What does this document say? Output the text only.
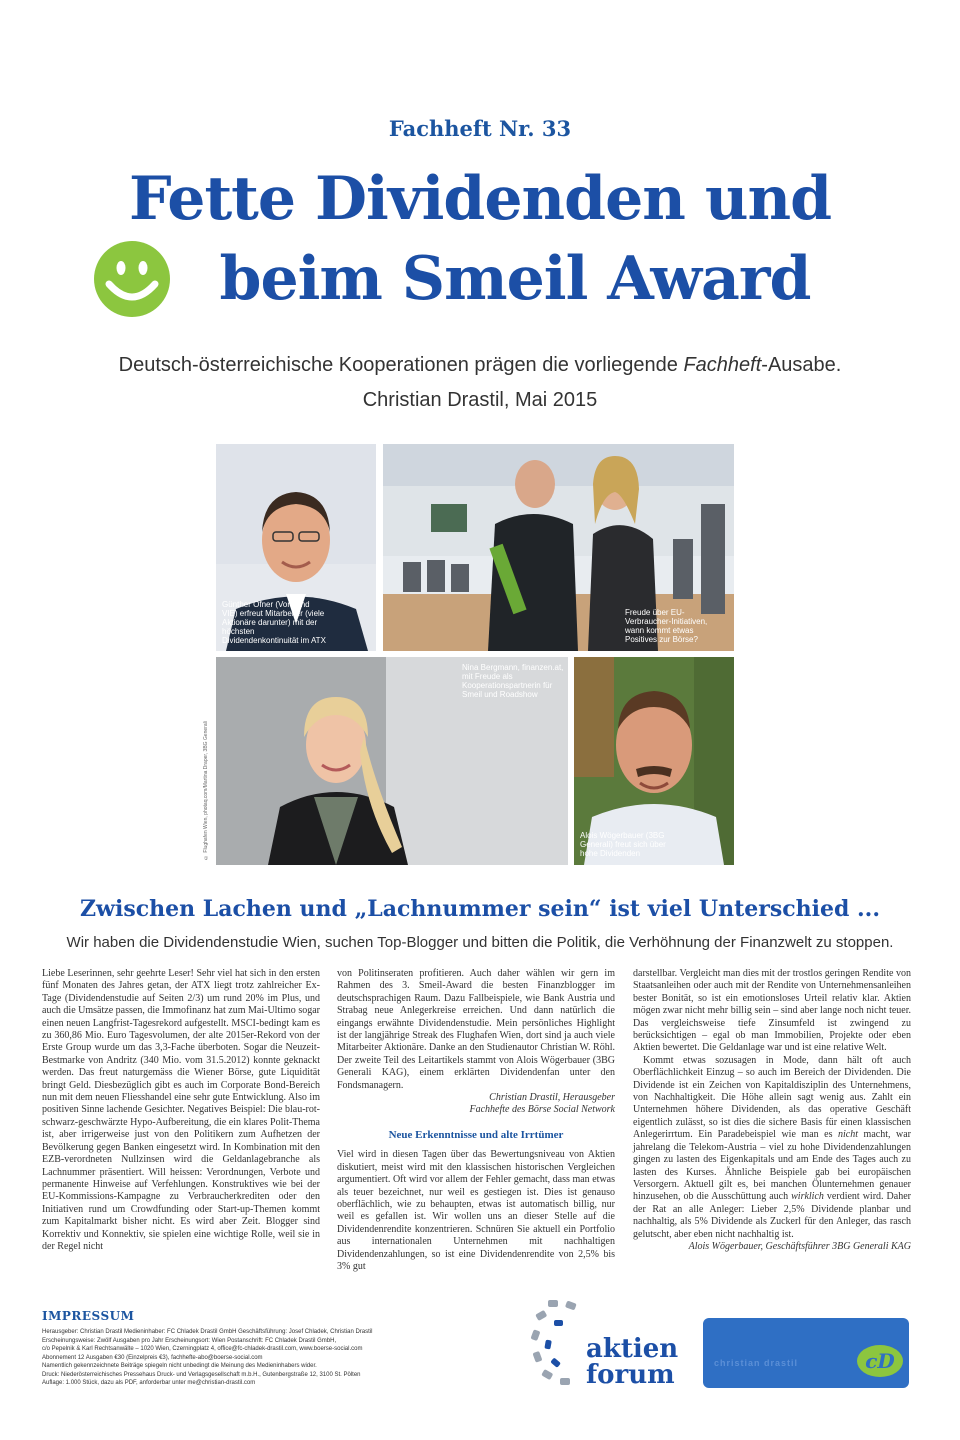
Fachheft Nr. 33
Fette Dividenden und
beim Smeil Award
Deutsch-österreichische Kooperationen prägen die vorliegende Fachheft-Ausabe.
Christian Drastil, Mai 2015
Günther Ofner (Vorstand VIE) erfreut Mitarbeiter (viele Aktionäre darunter) mit der höchsten Dividendenkontinuität im ATX
Freude über EU-Verbraucher-Initiativen, wann kommt etwas Positives zur Börse?
Nina Bergmann, finanzen.at, mit Freude als Kooperationspartnerin für Smeil und Roadshow
Alois Wögerbauer (3BG Generali) freut sich über hohe Dividenden
© Flughafen Wien, photaq.com/Martina Draper, 3BG Generali
Zwischen Lachen und „Lachnummer sein“ ist viel Unterschied ...
Wir haben die Dividendenstudie Wien, suchen Top-Blogger und bitten die Politik, die Verhöhnung der Finanzwelt zu stoppen.

Liebe Leserinnen, sehr geehrte Leser! Sehr viel hat sich in den ersten fünf Monaten des Jahres getan, der ATX liegt trotz zahlreicher Ex-Tage (Dividendenstudie auf Seiten 2/3) um rund 20% im Plus, und auch die Umsätze passen, die Immofinanz hat zum Mai-Ultimo sogar einen neuen Langfrist-Tagesrekord aufgestellt. MSCI-bedingt kam es zu 360,86 Mio. Euro Tagesvolumen, der alte 2015er-Rekord von der Erste Group wurde um das 3,3-Fache überboten. Sogar die Neuzeit-Bestmarke von Andritz (340 Mio. vom 31.5.2012) konnte geknackt werden. Das freut naturgemäss die Wiener Börse, gute Liquidität bringt Geld. Diesbezüglich gibt es auch im Corporate Bond-Bereich nun mit dem neuen Fliesshandel eine sehr gute Entwicklung. Also im positiven Sinne lachende Gesichter. Negatives Beispiel: Die blau-rot-schwarz-geschwärzte Hypo-Aufbereitung, die ein klares Polit-Thema ist, aber irrigerweise just von den Politikern zum Aufhetzen der Bevölkerung gegen Banken eingesetzt wird. In Kombination mit den EZB-verordneten Nullzinsen wird die Geldanlagebranche als Lachnummer präsentiert. Will heissen: Verordnungen, Verbote und permanente Hinweise auf Verfehlungen. Konstruktives wie bei der EU-Kommissions-Kampagne zu Verbraucherkrediten oder den Initiativen rund um Crowdfunding oder Start-up-Themen kommt zum Kapitalmarkt bisher nicht. Es wird aber Zeit. Blogger sind Korrektiv und Konnektiv, sie spielen eine wichtige Rolle, weil sie in der Regel nicht

von Politinseraten profitieren. Auch daher wählen wir gern im Rahmen des 3. Smeil-Award die besten Finanzblogger im deutschsprachigen Raum. Dazu Fallbeispiele, wie Bank Austria und Strabag neue Anlegerkreise erreichen. Und dann natürlich die eingangs erwähnte Dividendenstudie. Mein persönliches Highlight ist der langjährige Streak des Flughafen Wien, dort sind ja auch viele Mitarbeiter Aktionäre. Danke an den Studienautor Christian W. Röhl. Der zweite Teil des Leitartikels stammt von Alois Wögerbauer (3BG Generali KAG), einem erklärten Dividendenfan unter den Fondsmanagern.

Christian Drastil, Herausgeber
Fachhefte des Börse Social Network
Neue Erkenntnisse und alte Irrtümer

Viel wird in diesen Tagen über das Bewertungsniveau von Aktien diskutiert, meist wird mit den klassischen historischen Vergleichen argumentiert. Oft wird vor allem der Fehler gemacht, dass man etwas als teuer bezeichnet, nur weil es gestiegen ist. Dies ist genauso oberflächlich, wie zu behaupten, etwas ist automatisch billig, nur weil es gefallen ist. Wir wollen uns an dieser Stelle auf die Dividendenrendite konzentrieren. Schnüren Sie aktuell ein Portfolio aus internationalen Unternehmen mit nachhaltigen Dividendenzahlungen, so ist eine Dividendenrendite von 2,5% bis 3% gut

darstellbar. Vergleicht man dies mit der trostlos geringen Rendite von Staatsanleihen oder auch mit der Rendite von Unternehmensanleihen bester Bonität, so ist ein emotionsloses Urteil relativ klar. Aktien mögen zwar nicht mehr billig sein – sind aber lange noch nicht teuer. Das vergleichsweise tiefe Zinsumfeld ist zwingend zu berücksichtigen – egal ob man Immobilien, Projekte oder eben Aktien bewertet. Die Geldanlage war und ist eine relative Welt.

Kommt etwas sozusagen in Mode, dann hält oft auch Oberflächlichkeit Einzug – so auch im Bereich der Dividenden. Die Dividende ist ein Zeichen von Kapitaldisziplin des Unternehmens, von Nachhaltigkeit. Die Höhe allein sagt wenig aus. Zahlt ein Unternehmen höhere Dividenden, als das operative Geschäft eigentlich zulässt, so ist dies die sichere Basis für einen klassischen Anlegerirrtum. Ein Paradebeispiel wie man es nicht macht, war jahrelang die Telekom-Austria – viel zu hohe Dividendenzahlungen gingen zu lasten des Eigenkapitals und am Ende des Tages auch zu lasten des Kurses. Ähnliche Beispiele gab bei europäischen Versorgern. Aktuell gilt es, bei manchen Ölunternehmen genauer hinzusehen, ob die Ausschüttung auch wirklich verdient wird. Daher der Rat an alle Anleger: Lieber 2,5% Dividende planbar und nachhaltig, als 5% Dividende als Zuckerl für den Anleger, das rasch gelutscht, aber eben nicht nachhaltig ist.

Alois Wögerbauer, Geschäftsführer 3BG Generali KAG
IMPRESSUM
Herausgeber: Christian Drastil Medieninhaber: FC Chladek Drastil GmbH Geschäftsführung: Josef Chladek, Christian Drastil
Erscheinungsweise: Zwölf Ausgaben pro Jahr Erscheinungsort: Wien Postanschrift: FC Chladek Drastil GmbH,
c/o Pepelnik & Karl Rechtsanwälte – 1020 Wien, Czerningplatz 4, office@fc-chladek-drastil.com, www.boerse-social.com
Abonnement 12 Ausgaben €30 (Einzelpreis €3), fachhefte-abo@boerse-social.com
Namentlich gekennzeichnete Beiträge spiegeln nicht unbedingt die Meinung des Medieninhabers wider.
Druck: Niederösterreichisches Pressehaus Druck- und Verlagsgesellschaft m.b.H., Gutenbergstraße 12, 3100 St. Pölten
Auflage: 1.000 Stück, dazu als PDF, anforderbar unter me@christian-drastil.com
aktien
forum	christian drastil	cD
